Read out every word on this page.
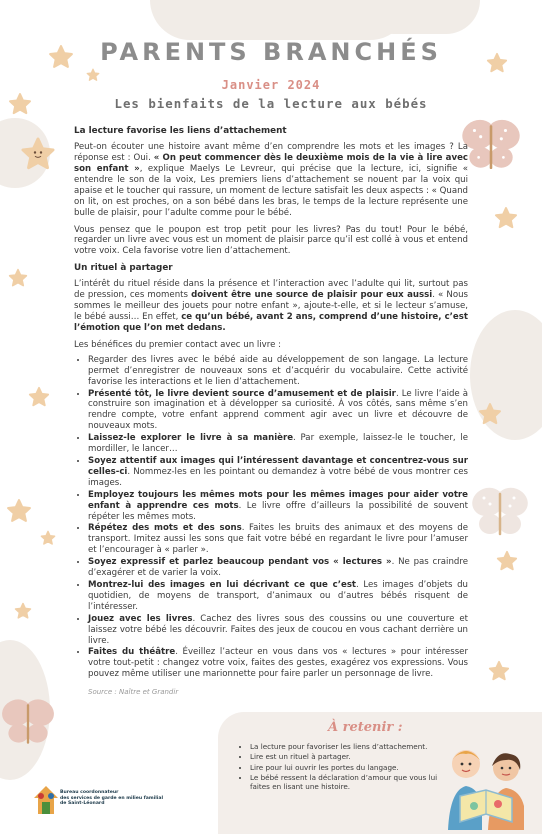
PARENTS BRANCHÉS
Janvier 2024
Les bienfaits de la lecture aux bébés
La lecture favorise les liens d’attachement

Peut-on écouter une histoire avant même d’en comprendre les mots et les images ? La réponse est : Oui. « On peut commencer dès le deuxième mois de la vie à lire avec son enfant », explique Maelys Le Levreur, qui précise que la lecture, ici, signifie « entendre le son de la voix, Les premiers liens d’attachement se nouent par la voix qui apaise et le toucher qui rassure, un moment de lecture satisfait les deux aspects : « Quand on lit, on est proches, on a son bébé dans les bras, le temps de la lecture représente une bulle de plaisir, pour l’adulte comme pour le bébé.

Vous pensez que le poupon est trop petit pour les livres? Pas du tout! Pour le bébé, regarder un livre avec vous est un moment de plaisir parce qu’il est collé à vous et entend votre voix. Cela favorise votre lien d’attachement.

Un rituel à partager

L’intérêt du rituel réside dans la présence et l’interaction avec l’adulte qui lit, surtout pas de pression, ces moments doivent être une source de plaisir pour eux aussi. « Nous sommes le meilleur des jouets pour notre enfant », ajoute-t-elle, et si le lecteur s’amuse, le bébé aussi… En effet, ce qu’un bébé, avant 2 ans, comprend d’une histoire, c’est l’émotion que l’on met dedans.

Les bénéfices du premier contact avec un livre :

• Regarder des livres avec le bébé aide au développement de son langage. La lecture permet d’enregistrer de nouveaux sons et d’acquérir du vocabulaire. Cette activité favorise les interactions et le lien d’attachement.
• Présenté tôt, le livre devient source d’amusement et de plaisir. Le livre l’aide à construire son imagination et à développer sa curiosité. À vos côtés, sans même s’en rendre compte, votre enfant apprend comment agir avec un livre et découvre de nouveaux mots.
• Laissez-le explorer le livre à sa manière. Par exemple, laissez-le le toucher, le mordiller, le lancer…
• Soyez attentif aux images qui l’intéressent davantage et concentrez-vous sur celles-ci. Nommez-les en les pointant ou demandez à votre bébé de vous montrer ces images.
• Employez toujours les mêmes mots pour les mêmes images pour aider votre enfant à apprendre ces mots. Le livre offre d’ailleurs la possibilité de souvent répéter les mêmes mots.
• Répétez des mots et des sons. Faites les bruits des animaux et des moyens de transport. Imitez aussi les sons que fait votre bébé en regardant le livre pour l’amuser et l’encourager à « parler ».
• Soyez expressif et parlez beaucoup pendant vos « lectures ». Ne pas craindre d’exagérer et de varier la voix.
• Montrez-lui des images en lui décrivant ce que c’est. Les images d’objets du quotidien, de moyens de transport, d’animaux ou d’autres bébés risquent de l’intéresser.
• Jouez avec les livres. Cachez des livres sous des coussins ou une couverture et laissez votre bébé les découvrir. Faites des jeux de coucou en vous cachant derrière un livre.
• Faites du théâtre. Éveillez l’acteur en vous dans vos « lectures » pour intéresser votre tout-petit : changez votre voix, faites des gestes, exagérez vos expressions. Vous pouvez même utiliser une marionnette pour faire parler un personnage de livre.
Source : Naître et Grandir
À retenir :
• La lecture pour favoriser les liens d’attachement.
• Lire est un rituel à partager.
• Lire pour lui ouvrir les portes du langage.
• Le bébé ressent la déclaration d’amour que vous lui faites en lisant une histoire.
Bureau coordonnateur
des services de garde en milieu familial
de Saint-Léonard
